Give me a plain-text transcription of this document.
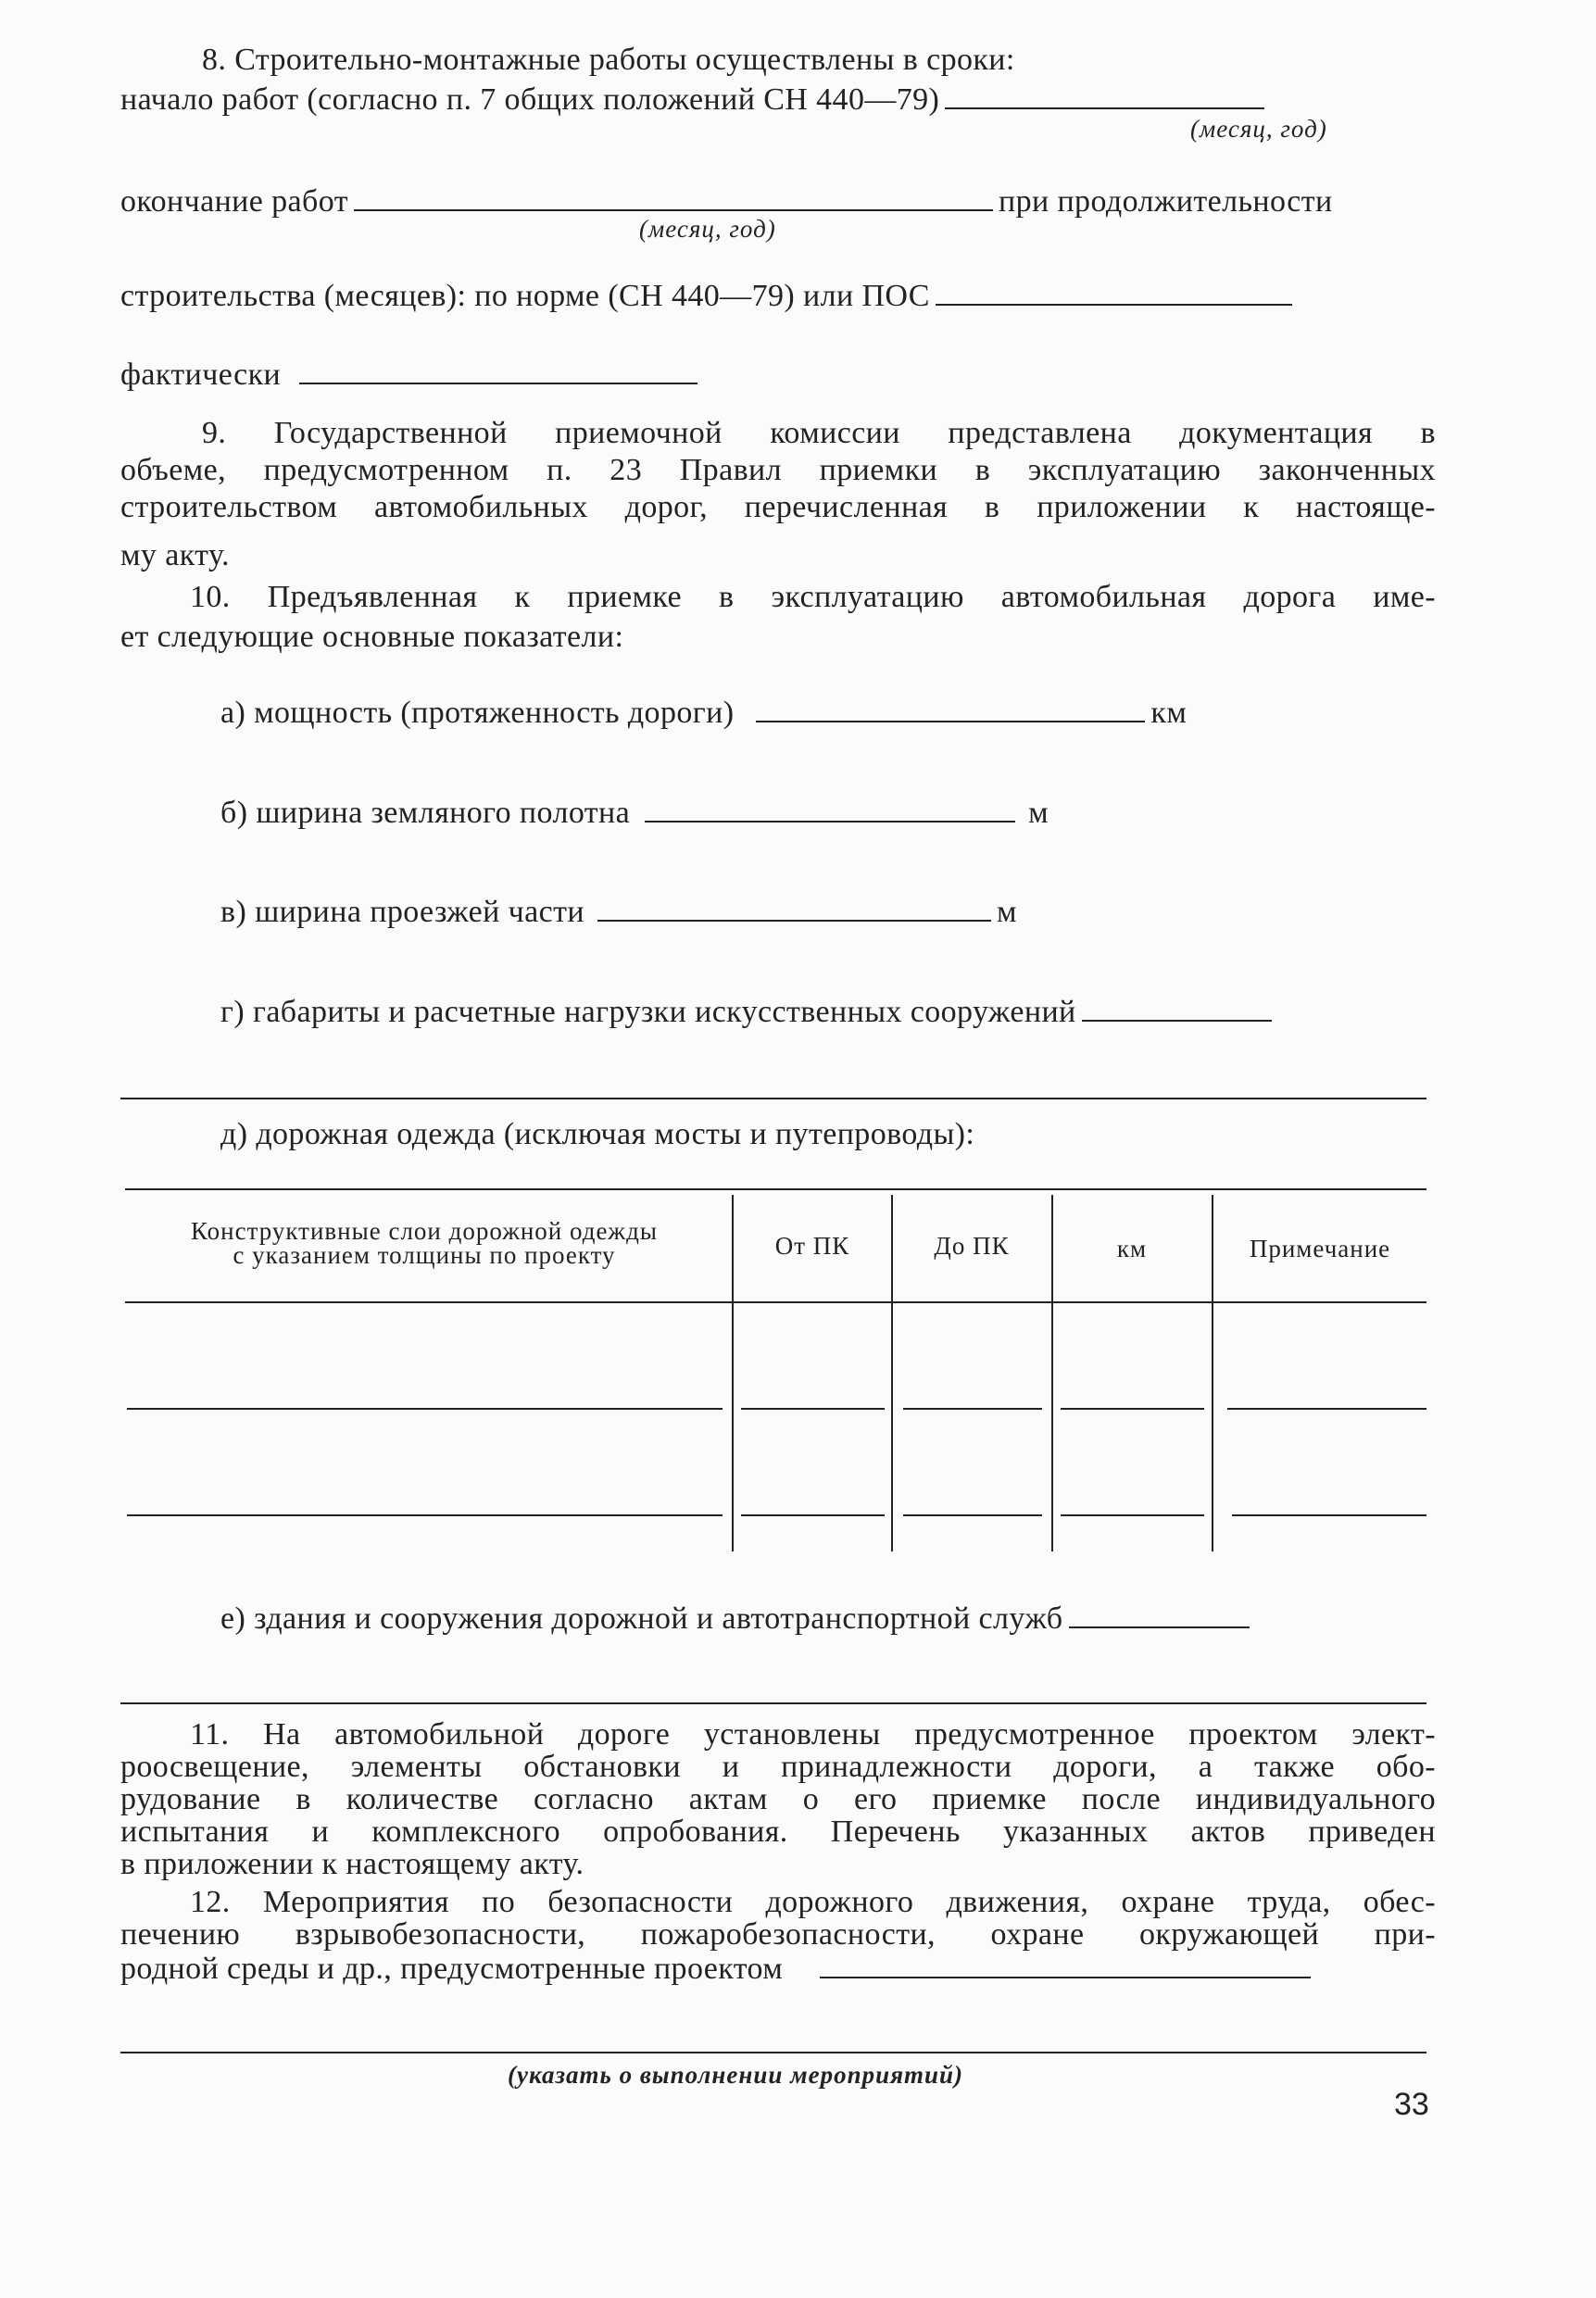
8. Строительно-монтажные работы осуществлены в сроки:
начало работ (согласно п. 7 общих положений СН 440—79)
(месяц, год)
окончание работ	при продолжительности
(месяц, год)
строительства (месяцев): по норме (СН 440—79) или ПОС
фактически
9. Государственной приемочной комиссии представлена документация в
объеме, предусмотренном п. 23 Правил приемки в эксплуатацию законченных
строительством автомобильных дорог, перечисленная в приложении к настояще-
му акту.
10. Предъявленная к приемке в эксплуатацию автомобильная дорога име-
ет следующие основные показатели:
а) мощность (протяженность дороги)	км
б) ширина земляного полотна	м
в) ширина проезжей части	м
г) габариты и расчетные нагрузки искусственных сооружений
д) дорожная одежда (исключая мосты и путепроводы):
Конструктивные слои дорожной одежды
с указанием толщины по проекту	От ПК	До ПК	км	Примечание
е) здания и сооружения дорожной и автотранспортной служб
11. На автомобильной дороге установлены предусмотренное проектом элект-
роосвещение, элементы обстановки и принадлежности дороги, а также обо-
рудование в количестве согласно актам о его приемке после индивидуального
испытания и комплексного опробования. Перечень указанных актов приведен
в приложении к настоящему акту.
12. Мероприятия по безопасности дорожного движения, охране труда, обес-
печению взрывобезопасности, пожаробезопасности, охране окружающей при-
родной среды и др., предусмотренные проектом
(указать о выполнении мероприятий)
33
